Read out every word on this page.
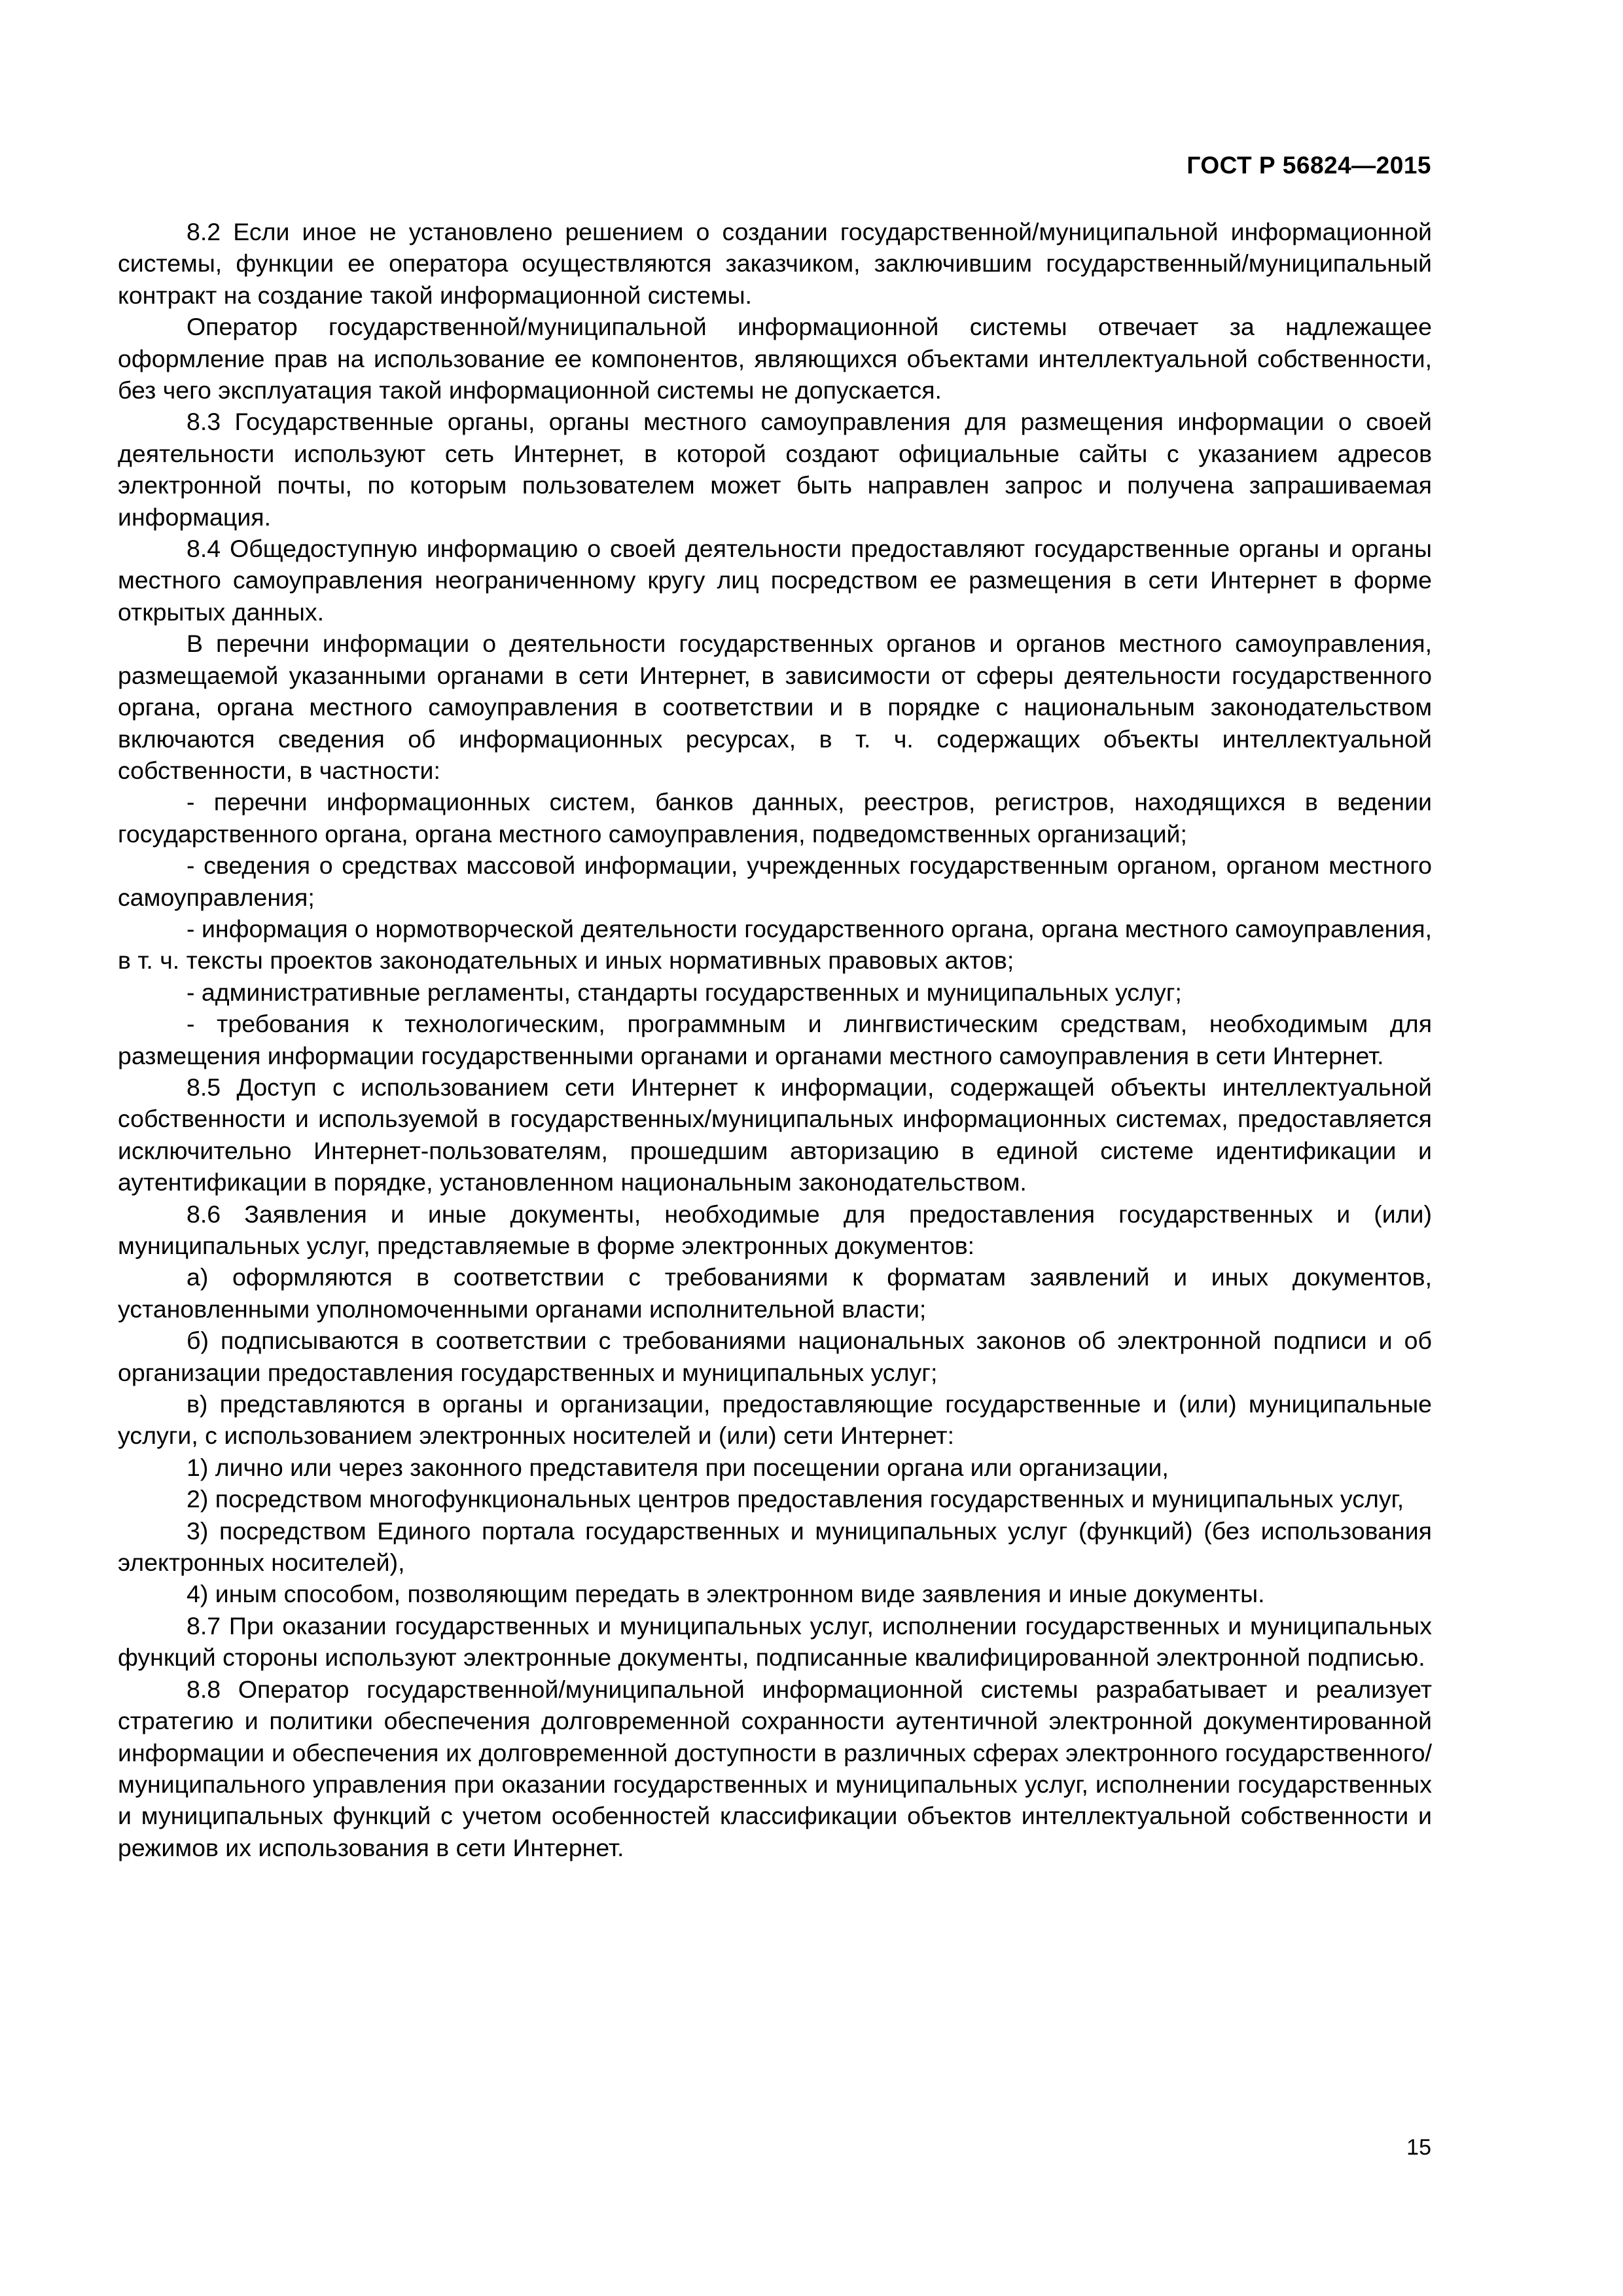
ГОСТ Р 56824—2015

8.2 Если иное не установлено решением о создании государственной/муниципальной информационной системы, функции ее оператора осуществляются заказчиком, заключившим государственный/муниципальный контракт на создание такой информационной системы.

Оператор государственной/муниципальной информационной системы отвечает за надлежащее оформление прав на использование ее компонентов, являющихся объектами интеллектуальной собственности, без чего эксплуатация такой информационной системы не допускается.

8.3 Государственные органы, органы местного самоуправления для размещения информации о своей деятельности используют сеть Интернет, в которой создают официальные сайты с указанием адресов электронной почты, по которым пользователем может быть направлен запрос и получена запрашиваемая информация.

8.4 Общедоступную информацию о своей деятельности предоставляют государственные органы и органы местного самоуправления неограниченному кругу лиц посредством ее размещения в сети Интернет в форме открытых данных.

В перечни информации о деятельности государственных органов и органов местного самоуправления, размещаемой указанными органами в сети Интернет, в зависимости от сферы деятельности государственного органа, органа местного самоуправления в соответствии и в порядке с национальным законодательством включаются сведения об информационных ресурсах, в т. ч. содержащих объекты интеллектуальной собственности, в частности:

- перечни информационных систем, банков данных, реестров, регистров, находящихся в ведении государственного органа, органа местного самоуправления, подведомственных организаций;

- сведения о средствах массовой информации, учрежденных государственным органом, органом местного самоуправления;

- информация о нормотворческой деятельности государственного органа, органа местного самоуправления, в т. ч. тексты проектов законодательных и иных нормативных правовых актов;

- административные регламенты, стандарты государственных и муниципальных услуг;

- требования к технологическим, программным и лингвистическим средствам, необходимым для размещения информации государственными органами и органами местного самоуправления в сети Интернет.

8.5 Доступ с использованием сети Интернет к информации, содержащей объекты интеллектуальной собственности и используемой в государственных/муниципальных информационных системах, предоставляется исключительно Интернет-пользователям, прошедшим авторизацию в единой системе идентификации и аутентификации в порядке, установленном национальным законодательством.

8.6 Заявления и иные документы, необходимые для предоставления государственных и (или) муниципальных услуг, представляемые в форме электронных документов:

а) оформляются в соответствии с требованиями к форматам заявлений и иных документов, установленными уполномоченными органами исполнительной власти;

б) подписываются в соответствии с требованиями национальных законов об электронной подписи и об организации предоставления государственных и муниципальных услуг;

в) представляются в органы и организации, предоставляющие государственные и (или) муниципальные услуги, с использованием электронных носителей и (или) сети Интернет:

1) лично или через законного представителя при посещении органа или организации,

2) посредством многофункциональных центров предоставления государственных и муниципальных услуг,

3) посредством Единого портала государственных и муниципальных услуг (функций) (без использования электронных носителей),

4) иным способом, позволяющим передать в электронном виде заявления и иные документы.

8.7 При оказании государственных и муниципальных услуг, исполнении государственных и муниципальных функций стороны используют электронные документы, подписанные квалифицированной электронной подписью.

8.8 Оператор государственной/муниципальной информационной системы разрабатывает и реализует стратегию и политики обеспечения долговременной сохранности аутентичной электронной документированной информации и обеспечения их долговременной доступности в различных сферах электронного государственного/муниципального управления при оказании государственных и муниципальных услуг, исполнении государственных и муниципальных функций с учетом особенностей классификации объектов интеллектуальной собственности и режимов их использования в сети Интернет.

15
